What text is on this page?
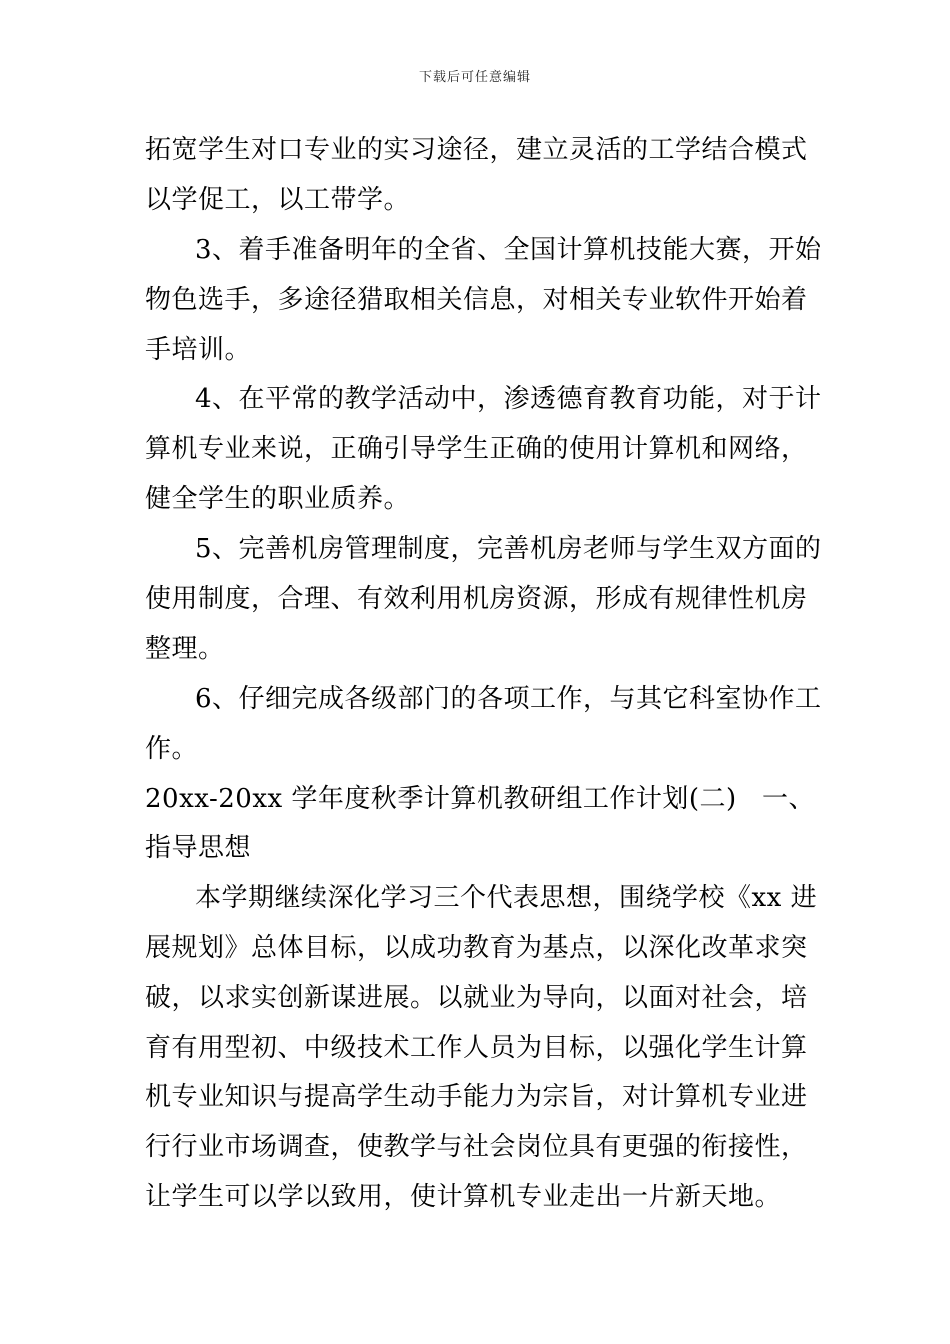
下载后可任意编辑
拓宽学生对口专业的实习途径，建立灵活的工学结合模式
以学促工，以工带学。
3、着手准备明年的全省、全国计算机技能大赛，开始
物色选手，多途径猎取相关信息，对相关专业软件开始着
手培训。
4、在平常的教学活动中，渗透德育教育功能，对于计
算机专业来说，正确引导学生正确的使用计算机和网络，
健全学生的职业质养。
5、完善机房管理制度，完善机房老师与学生双方面的
使用制度，合理、有效利用机房资源，形成有规律性机房
整理。
6、仔细完成各级部门的各项工作，与其它科室协作工
作。
20xx-20xx 学年度秋季计算机教研组工作计划(二) 一、
指导思想
本学期继续深化学习三个代表思想，围绕学校《xx 进
展规划》总体目标，以成功教育为基点，以深化改革求突
破，以求实创新谋进展。以就业为导向，以面对社会，培
育有用型初、中级技术工作人员为目标，以强化学生计算
机专业知识与提高学生动手能力为宗旨，对计算机专业进
行行业市场调查，使教学与社会岗位具有更强的衔接性，
让学生可以学以致用，使计算机专业走出一片新天地。
